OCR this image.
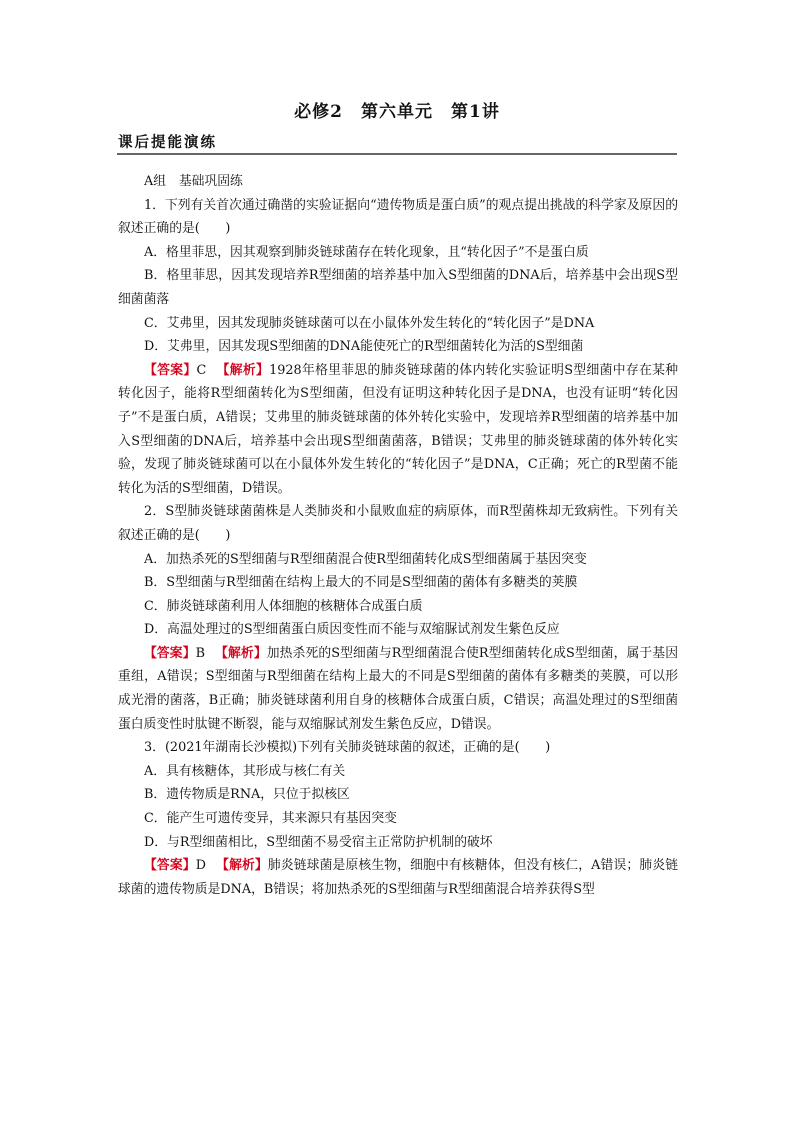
必修2　第六单元　第1讲
课后提能演练

A组　基础巩固练

1．下列有关首次通过确凿的实验证据向“遗传物质是蛋白质”的观点提出挑战的科学家及原因的叙述正确的是(　　)

A．格里菲思，因其观察到肺炎链球菌存在转化现象，且“转化因子”不是蛋白质

B．格里菲思，因其发现培养R型细菌的培养基中加入S型细菌的DNA后，培养基中会出现S型细菌菌落

C．艾弗里，因其发现肺炎链球菌可以在小鼠体外发生转化的“转化因子”是DNA

D．艾弗里，因其发现S型细菌的DNA能使死亡的R型细菌转化为活的S型细菌

【答案】C 【解析】1928年格里菲思的肺炎链球菌的体内转化实验证明S型细菌中存在某种转化因子，能将R型细菌转化为S型细菌，但没有证明这种转化因子是DNA，也没有证明“转化因子”不是蛋白质，A错误；艾弗里的肺炎链球菌的体外转化实验中，发现培养R型细菌的培养基中加入S型细菌的DNA后，培养基中会出现S型细菌菌落，B错误；艾弗里的肺炎链球菌的体外转化实验，发现了肺炎链球菌可以在小鼠体外发生转化的“转化因子”是DNA，C正确；死亡的R型菌不能转化为活的S型细菌，D错误。

2．S型肺炎链球菌菌株是人类肺炎和小鼠败血症的病原体，而R型菌株却无致病性。下列有关叙述正确的是(　　)

A．加热杀死的S型细菌与R型细菌混合使R型细菌转化成S型细菌属于基因突变

B．S型细菌与R型细菌在结构上最大的不同是S型细菌的菌体有多糖类的荚膜

C．肺炎链球菌利用人体细胞的核糖体合成蛋白质

D．高温处理过的S型细菌蛋白质因变性而不能与双缩脲试剂发生紫色反应

【答案】B 【解析】加热杀死的S型细菌与R型细菌混合使R型细菌转化成S型细菌，属于基因重组，A错误；S型细菌与R型细菌在结构上最大的不同是S型细菌的菌体有多糖类的荚膜，可以形成光滑的菌落，B正确；肺炎链球菌利用自身的核糖体合成蛋白质，C错误；高温处理过的S型细菌蛋白质变性时肽键不断裂，能与双缩脲试剂发生紫色反应，D错误。

3．(2021年湖南长沙模拟)下列有关肺炎链球菌的叙述，正确的是(　　)

A．具有核糖体，其形成与核仁有关

B．遗传物质是RNA，只位于拟核区

C．能产生可遗传变异，其来源只有基因突变

D．与R型细菌相比，S型细菌不易受宿主正常防护机制的破坏

【答案】D 【解析】肺炎链球菌是原核生物，细胞中有核糖体，但没有核仁，A错误；肺炎链球菌的遗传物质是DNA，B错误；将加热杀死的S型细菌与R型细菌混合培养获得S型
